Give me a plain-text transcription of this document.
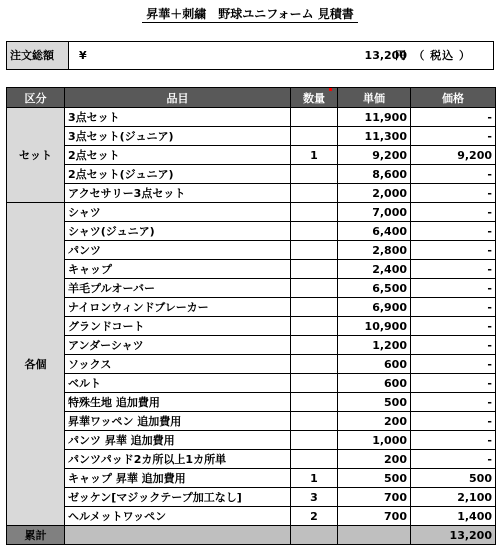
昇華＋刺繍　野球ユニフォーム 見積書
注文総額	¥	13,200
円　（ 税込 ）
区分	品目	数量	単価	価格
セット	3点セット		11,900	-
	3点セット(ジュニア)		11,300	-
	2点セット	1	9,200	9,200
	2点セット(ジュニア)		8,600	-
	アクセサリー3点セット		2,000	-
各個	シャツ		7,000	-
	シャツ(ジュニア)		6,400	-
	パンツ		2,800	-
	キャップ		2,400	-
	羊毛プルオーバー		6,500	-
	ナイロンウィンドブレーカー		6,900	-
	グランドコート		10,900	-
	アンダーシャツ		1,200	-
	ソックス		600	-
	ベルト		600	-
	特殊生地 追加費用		500	-
	昇華ワッペン 追加費用		200	-
	パンツ 昇華 追加費用		1,000	-
	パンツパッド2カ所以上1カ所単		200	-
	キャップ 昇華 追加費用	1	500	500
	ゼッケン[マジックテープ加工なし]	3	700	2,100
	ヘルメットワッペン	2	700	1,400
累計				13,200
